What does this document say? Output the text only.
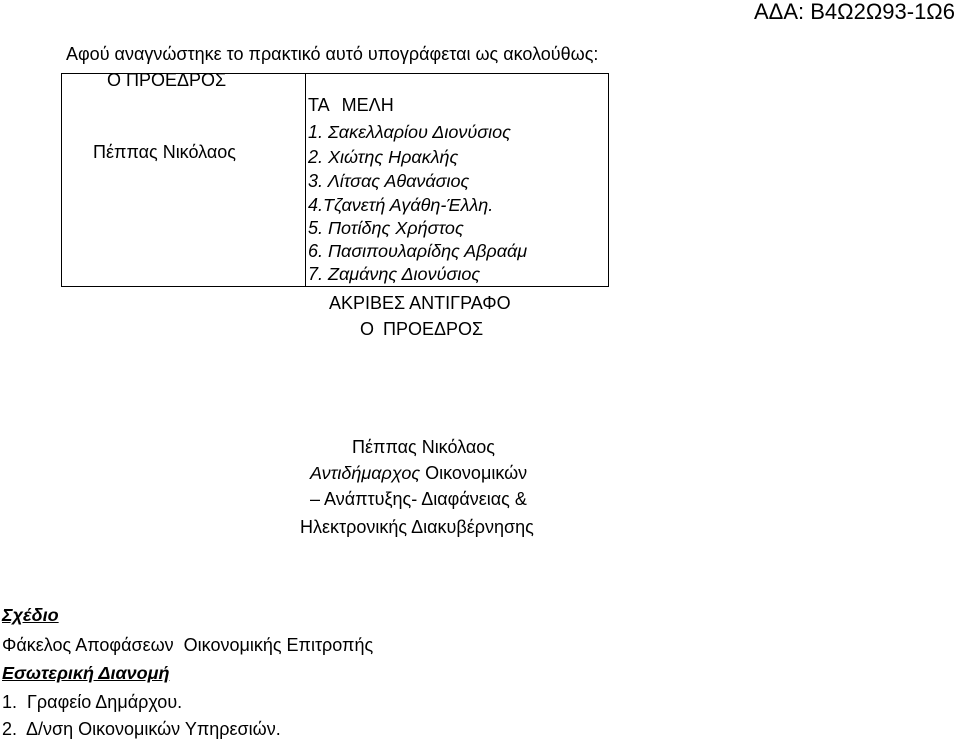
ΑΔΑ: Β4Ω2Ω93-1Ω6
Αφού αναγνώστηκε το πρακτικό αυτό υπογράφεται ως ακολούθως:
Ο ΠΡΟΕΔΡΟΣ
Πέππας Νικόλαος
ΤΑ ΜΕΛΗ
1. Σακελλαρίου Διονύσιος
2. Χιώτης Ηρακλής
3. Λίτσας Αθανάσιος
4.Τζανετή Αγάθη-Έλλη.
5. Ποτίδης Χρήστος
6. Πασιπουλαρίδης Αβραάμ
7. Ζαμάνης Διονύσιος
ΑΚΡΙΒΕΣ ΑΝΤΙΓΡΑΦΟ
Ο ΠΡΟΕΔΡΟΣ
Πέππας Νικόλαος
Αντιδήμαρχος Οικονομικών
– Ανάπτυξης- Διαφάνειας &
Ηλεκτρονικής Διακυβέρνησης
Σχέδιο
Φάκελος Αποφάσεων  Οικονομικής Επιτροπής
Εσωτερική Διανομή
1.  Γραφείο Δημάρχου.
2.  Δ/νση Οικονομικών Υπηρεσιών.
